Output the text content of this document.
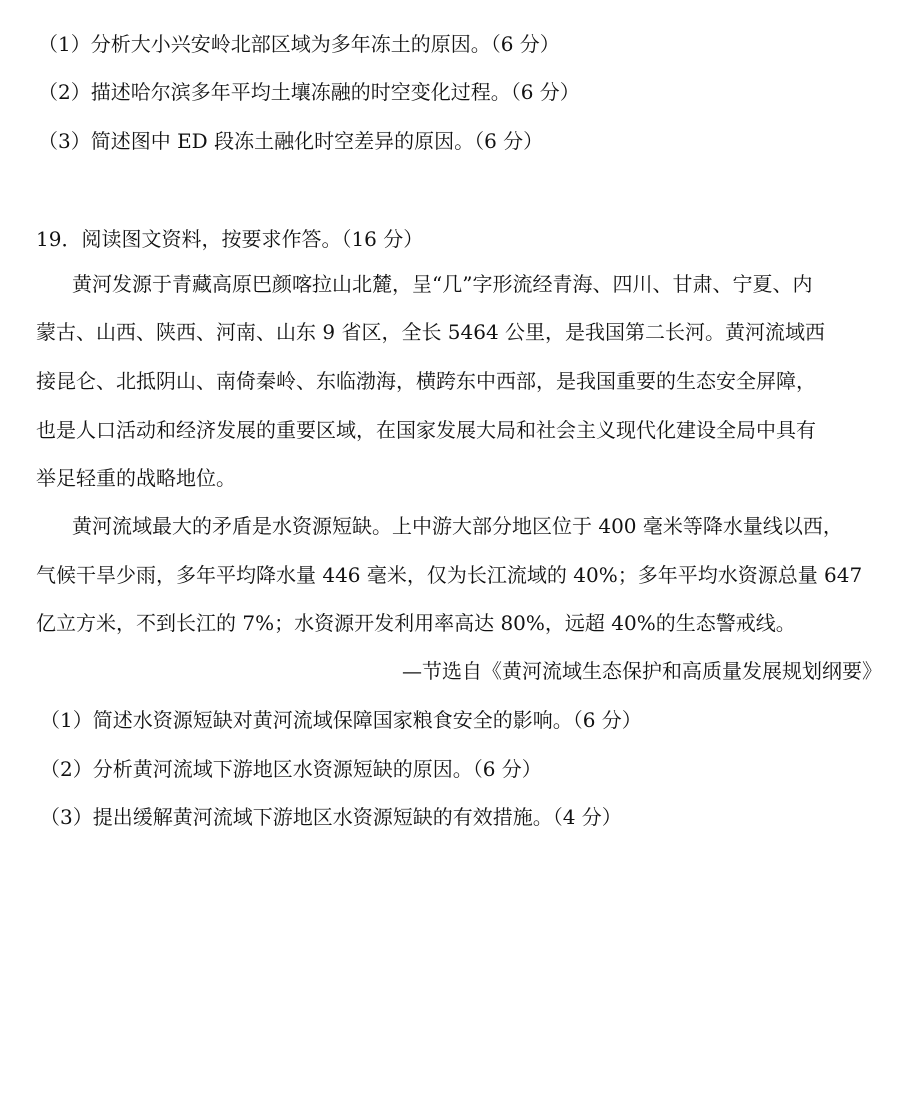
（1）分析大小兴安岭北部区域为多年冻土的原因。（6 分）
（2）描述哈尔滨多年平均土壤冻融的时空变化过程。（6 分）
（3）简述图中 ED 段冻土融化时空差异的原因。（6 分）
19．阅读图文资料，按要求作答。（16 分）
黄河发源于青藏高原巴颜喀拉山北麓，呈“几”字形流经青海、四川、甘肃、宁夏、内
蒙古、山西、陕西、河南、山东 9 省区，全长 5464 公里，是我国第二长河。黄河流域西
接昆仑、北抵阴山、南倚秦岭、东临渤海，横跨东中西部，是我国重要的生态安全屏障，
也是人口活动和经济发展的重要区域，在国家发展大局和社会主义现代化建设全局中具有
举足轻重的战略地位。
黄河流域最大的矛盾是水资源短缺。上中游大部分地区位于 400 毫米等降水量线以西，
气候干旱少雨，多年平均降水量 446 毫米，仅为长江流域的 40%；多年平均水资源总量 647
亿立方米，不到长江的 7%；水资源开发利用率高达 80%，远超 40%的生态警戒线。
—节选自《黄河流域生态保护和高质量发展规划纲要》
（1）简述水资源短缺对黄河流域保障国家粮食安全的影响。（6 分）
（2）分析黄河流域下游地区水资源短缺的原因。（6 分）
（3）提出缓解黄河流域下游地区水资源短缺的有效措施。（4 分）
